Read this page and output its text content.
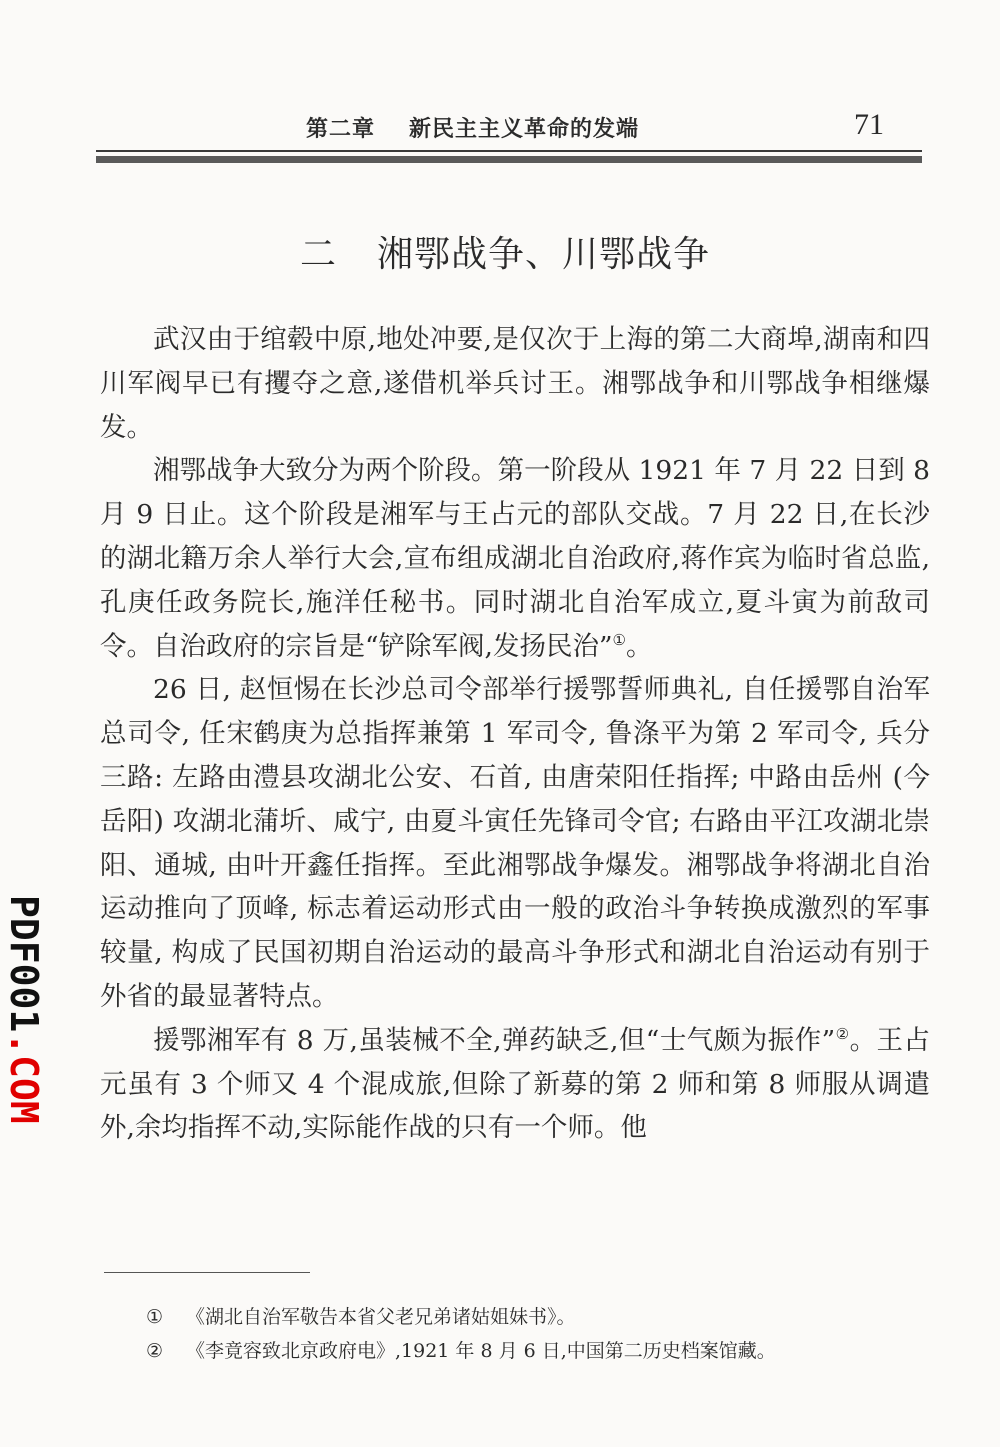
第二章 新民主主义革命的发端	71
二 湘鄂战争、川鄂战争

武汉由于绾毂中原,地处冲要,是仅次于上海的第二大商埠,湖南和四川军阀早已有攫夺之意,遂借机举兵讨王。湘鄂战争和川鄂战争相继爆发。

湘鄂战争大致分为两个阶段。第一阶段从 1921 年 7 月 22 日到 8 月 9 日止。这个阶段是湘军与王占元的部队交战。7 月 22 日,在长沙的湖北籍万余人举行大会,宣布组成湖北自治政府,蒋作宾为临时省总监,孔庚任政务院长,施洋任秘书。同时湖北自治军成立,夏斗寅为前敌司令。自治政府的宗旨是“铲除军阀,发扬民治”①。

26 日, 赵恒惕在长沙总司令部举行援鄂誓师典礼, 自任援鄂自治军总司令, 任宋鹤庚为总指挥兼第 1 军司令, 鲁涤平为第 2 军司令, 兵分三路: 左路由澧县攻湖北公安、石首, 由唐荣阳任指挥; 中路由岳州 (今岳阳) 攻湖北蒲圻、咸宁, 由夏斗寅任先锋司令官; 右路由平江攻湖北崇阳、通城, 由叶开鑫任指挥。至此湘鄂战争爆发。湘鄂战争将湖北自治运动推向了顶峰, 标志着运动形式由一般的政治斗争转换成激烈的军事较量, 构成了民国初期自治运动的最高斗争形式和湖北自治运动有别于外省的最显著特点。

援鄂湘军有 8 万,虽装械不全,弹药缺乏,但“士气颇为振作”②。王占元虽有 3 个师又 4 个混成旅,但除了新募的第 2 师和第 8 师服从调遣外,余均指挥不动,实际能作战的只有一个师。他

① 《湖北自治军敬告本省父老兄弟诸姑姐妹书》。
② 《李竟容致北京政府电》,1921 年 8 月 6 日,中国第二历史档案馆藏。
PDF001.COM
